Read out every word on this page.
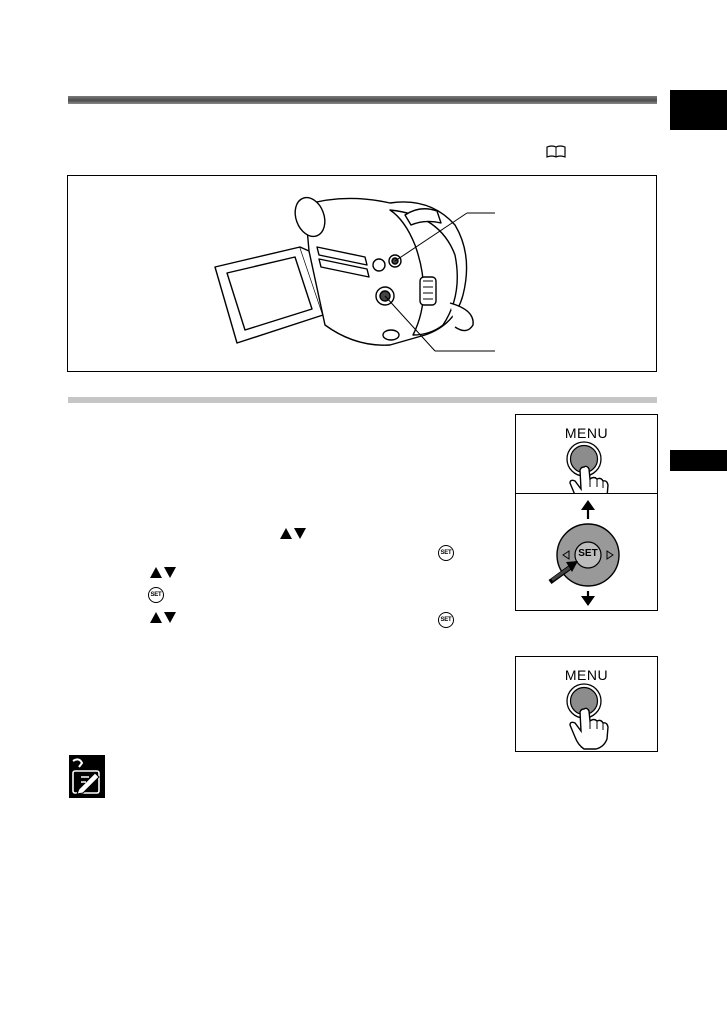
MENU
SET
SET
SET
SET
MENU
